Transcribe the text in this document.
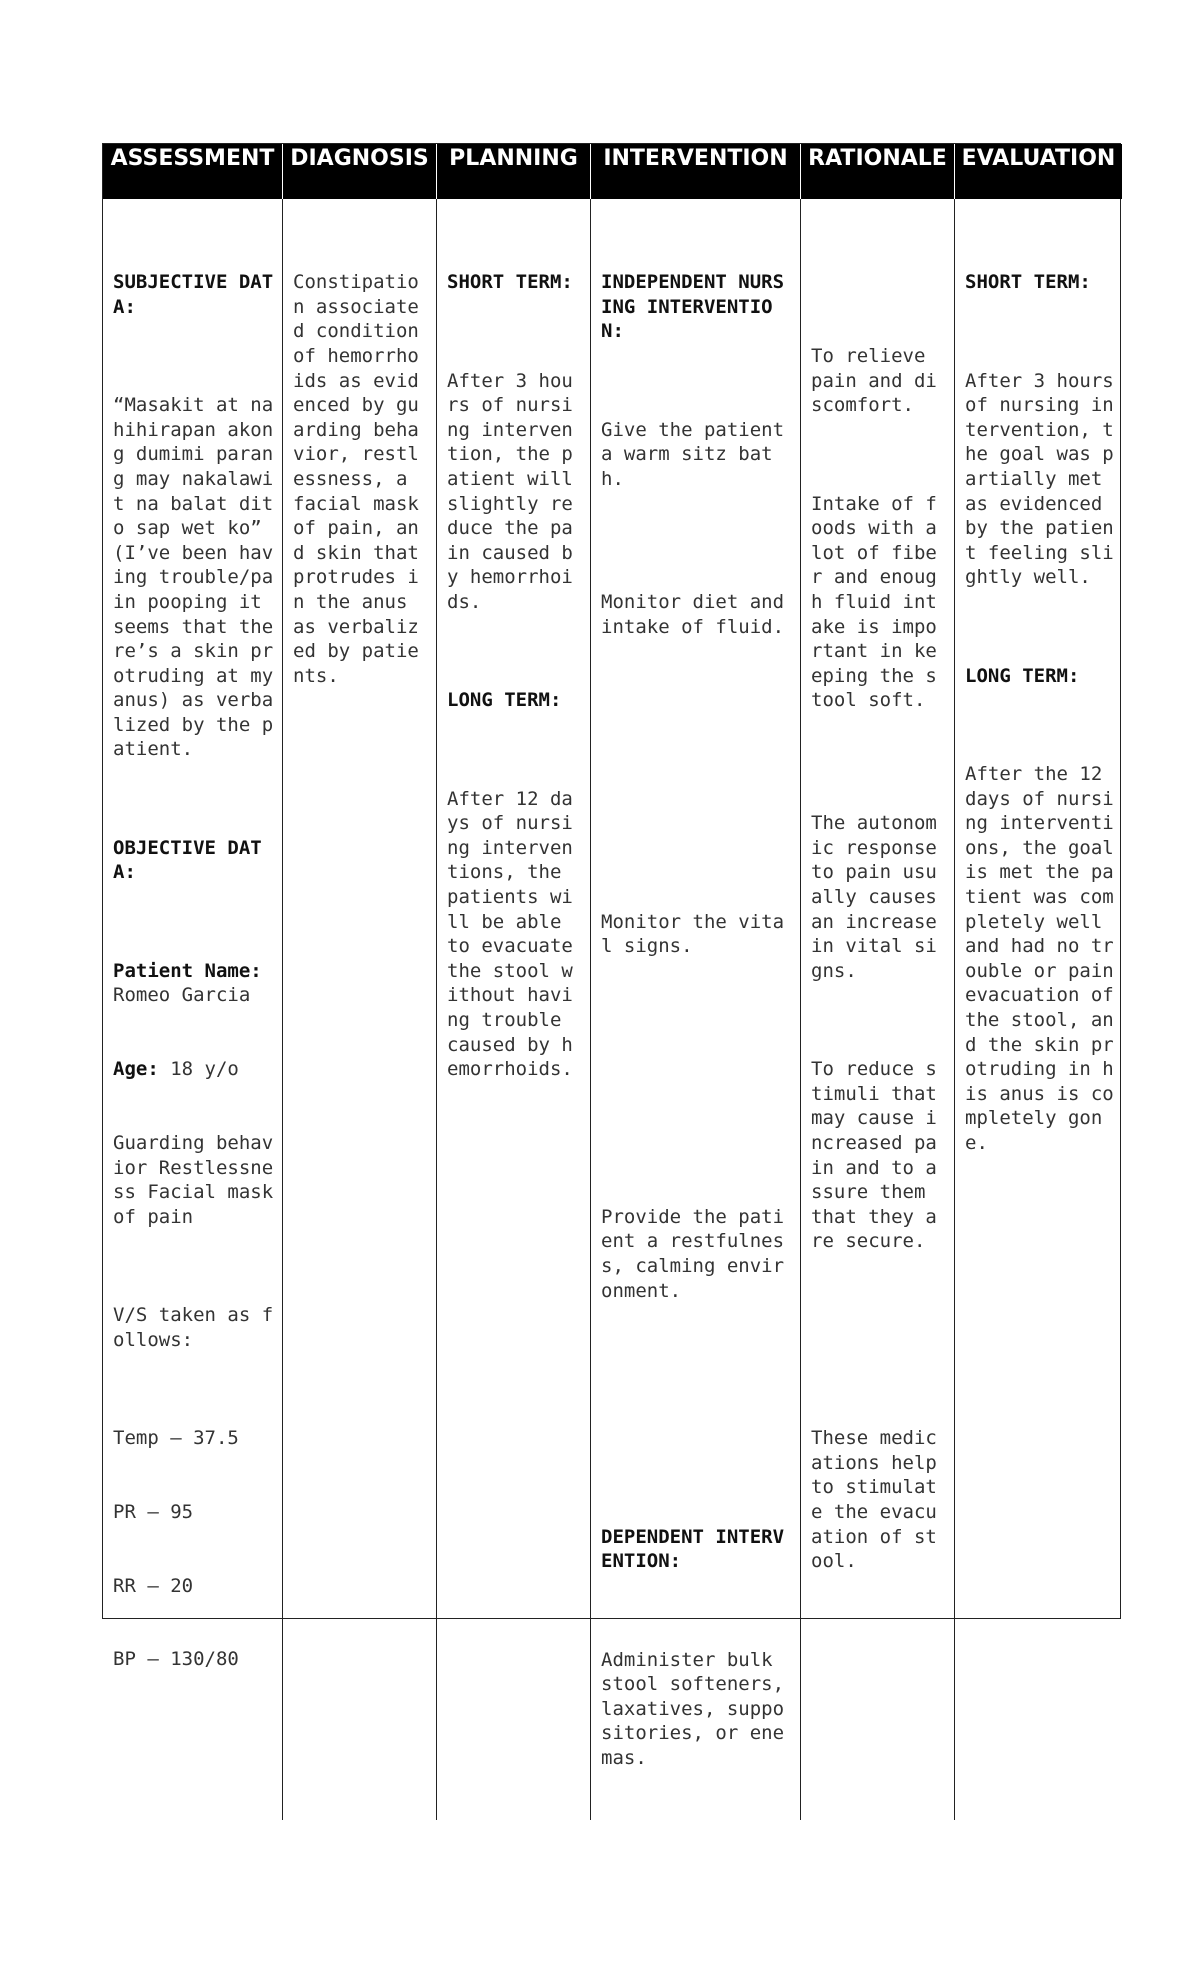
ASSESSMENT DIAGNOSIS PLANNING	INTERVENTION RATIONALE EVALUATION

SUBJECTIVE DATA:

“Masakit at nahihirapan akong dumimi parang may nakalawit na balat dito sap wet ko” (I’ve been having trouble/pain pooping it seems that there’s a skin protruding at my anus) as verbalized by the patient.

OBJECTIVE DATA:

Patient Name: Romeo Garcia

Age: 18 y/o

Guarding behavior Restlessness Facial mask of pain

V/S taken as follows:

Temp – 37.5

PR – 95

RR – 20

BP – 130/80

Constipation associated condition of hemorrhoids as evidenced by guarding behavior, restlessness, a facial mask of pain, and skin that protrudes in the anus as verbalized by patients.

SHORT TERM:

After 3 hours of nursing intervention, the patient will slightly reduce the pain caused by hemorrhoids.

LONG TERM:

After 12 days of nursing interventions, the patients will be able to evacuate the stool without having trouble caused by hemorrhoids.

INDEPENDENT NURSING INTERVENTION:

Give the patient a warm sitz bath.

Monitor diet and intake of fluid.

Monitor the vital signs.

Provide the patient a restfulness, calming environment.

DEPENDENT INTERVENTION:

Administer bulk stool softeners, laxatives, suppositories, or enemas.

To relieve pain and discomfort.

Intake of foods with a lot of fiber and enough fluid intake is important in keeping the stool soft.

The autonomic response to pain usually causes an increase in vital signs.

To reduce stimuli that may cause increased pain and to assure them that they are secure.

These medications help to stimulate the evacuation of stool.

SHORT TERM:

After 3 hours of nursing intervention, the goal was partially met as evidenced by the patient feeling slightly well.

LONG TERM:

After the 12 days of nursing interventions, the goal is met the patient was completely well and had no trouble or pain evacuation of the stool, and the skin protruding in his anus is completely gone.
